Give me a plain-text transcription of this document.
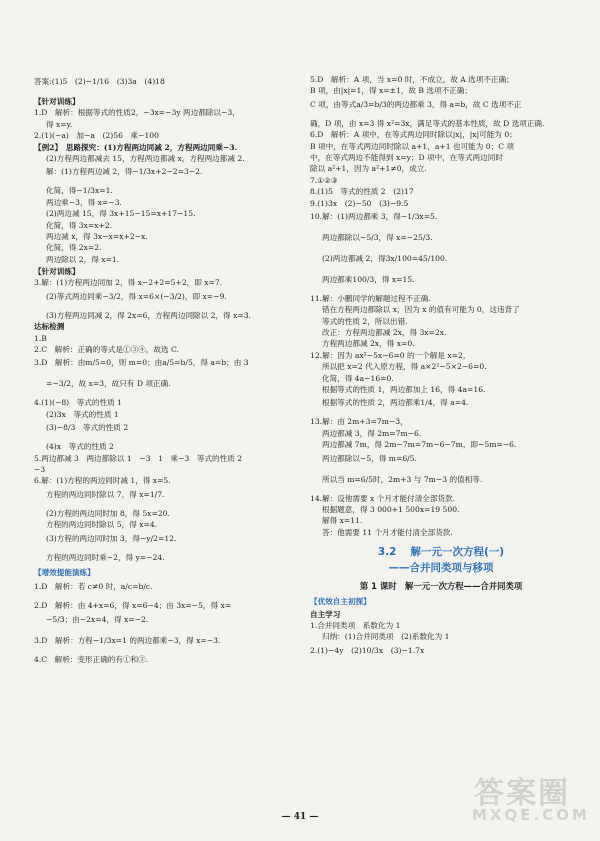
答案:(1)5　(2)−1/16　(3)3a　(4)18
【针对训练】
1.D　解析：根据等式的性质2，−3x=−3y 两边都除以−3，
得 x=y.
2.(1)(−a)　加−a　(2)56　乘−100
【例2】　思路探究：(1)方程两边同减 2，方程两边同乘−3.
(2)方程两边都减去 15，方程两边都减 x，方程两边都减 2.
解：(1)方程两边减 2，得−1/3x+2−2=3−2.
化简，得−1/3x=1.
两边乘−3，得 x=−3.
(2)两边减 15，得 3x+15−15=x+17−15.
化简，得 3x=x+2.
两边减 x，得 3x−x=x+2−x.
化简，得 2x=2.
两边除以 2，得 x=1.
【针对训练】
3.解：(1)方程两边同加 2，得 x−2+2=5+2，即 x=7.
(2)等式两边同乘−3/2，得 x=6×(−3/2)，即 x=−9.
(3)方程两边同减 2，得 2x=6，方程两边同除以 2，得 x=3.
达标检测
1.B
2.C　解析：正确的等式是①③④，故选 C.
3.D　解析：由m/5=0，则 m=0；由a/5=b/5，得 a=b；由 3
=−3/2，故 x=3，故只有 D 项正确.
4.(1)(−8)　等式的性质 1
(2)3x　等式的性质 1
(3)−8/3　等式的性质 2
(4)x　等式的性质 2
5.两边都减 3　两边都除以 1　−3　1　乘−3　等式的性质 2
−3
6.解：(1)方程的两边同时减 1，得 x=5.
方程的两边同时除以 7，得 x=1/7.
(2)方程的两边同时加 8，得 5x=20.
方程的两边同时除以 5，得 x=4.
(3)方程的两边同时加 3，得−y/2=12.
方程的两边同时乘−2，得 y=−24.
【增效提能演练】
1.D　解析：若 c≠0 时，a/c=b/c.
2.D　解析：由 4+x=6，得 x=6−4；由 3x=−5，得 x=
−5/3；由−2x=4，得 x=−2.
3.D　解析：方程−1/3x=1 的两边都乘−3，得 x=−3.
4.C　解析：变形正确的有①和③.
5.D　解析：A 项，当 x=0 时，不成立，故 A 选项不正确；
B 项，由|x|=1，得 x=±1，故 B 选项不正确；
C 项，由等式a/3=b/3的两边都乘 3，得 a=b，故 C 选项不正
确，D 项，由 x=3 得 x²=3x，满足等式的基本性质，故 D 选项正确.
6.D　解析：A 项中，在等式两边同时除以|x|，|x|可能为 0；
B 项中，在等式两边同时除以 a+1，a+1 也可能为 0；C 项
中，在等式两边不能得到 x=y；D 项中，在等式两边同时
除以 a²+1，因为 a²+1≠0，成立.
7.①②③
8.(1)5　等式的性质 2　(2)17
9.(1)3x　(2)−50　(3)−9.5
10.解：(1)两边都乘 3，得−1/3x=5.
两边都除以−5/3，得 x=−25/3.
(2)两边都减 2，得3x/100=45/100.
两边都乘100/3，得 x=15.
11.解：小鹏同学的解题过程不正确.
错在方程两边都除以 x，因为 x 的值有可能为 0，这违背了
等式的性质 2，所以出错.
改正：方程两边都减 2x，得 3x=2x.
方程两边都减 2x，得 x=0.
12.解：因为 ax²−5x−6=0 的一个解是 x=2，
所以把 x=2 代入原方程，得 a×2²−5×2−6=0.
化简，得 4a−16=0.
根据等式的性质 1，两边都加上 16，得 4a=16.
根据等式的性质 2，两边都乘1/4，得 a=4.
13.解：由 2m+3=7m−3，
两边都减 3，得 2m=7m−6.
两边都减 7m，得 2m−7m=7m−6−7m，即−5m=−6.
两边都除以−5，得 m=6/5.
所以当 m=6/5时，2m+3 与 7m−3 的值相等.
14.解：设他需要 x 个月才能付清全部货款.
根据题意，得 3 000+1 500x=19 500.
解得 x=11.
答：他需要 11 个月才能付清全部货款.
3.2 解一元一次方程(一)
——合并同类项与移项
第 1 课时　解一元一次方程——合并同类项
【优效自主初探】
自主学习
1.合并同类项　系数化为 1
归纳：(1)合并同类项　(2)系数化为 1
2.(1)−4y　(2)10/3x　(3)−1.7x
— 41 —
答案圈
MXQE.COM
